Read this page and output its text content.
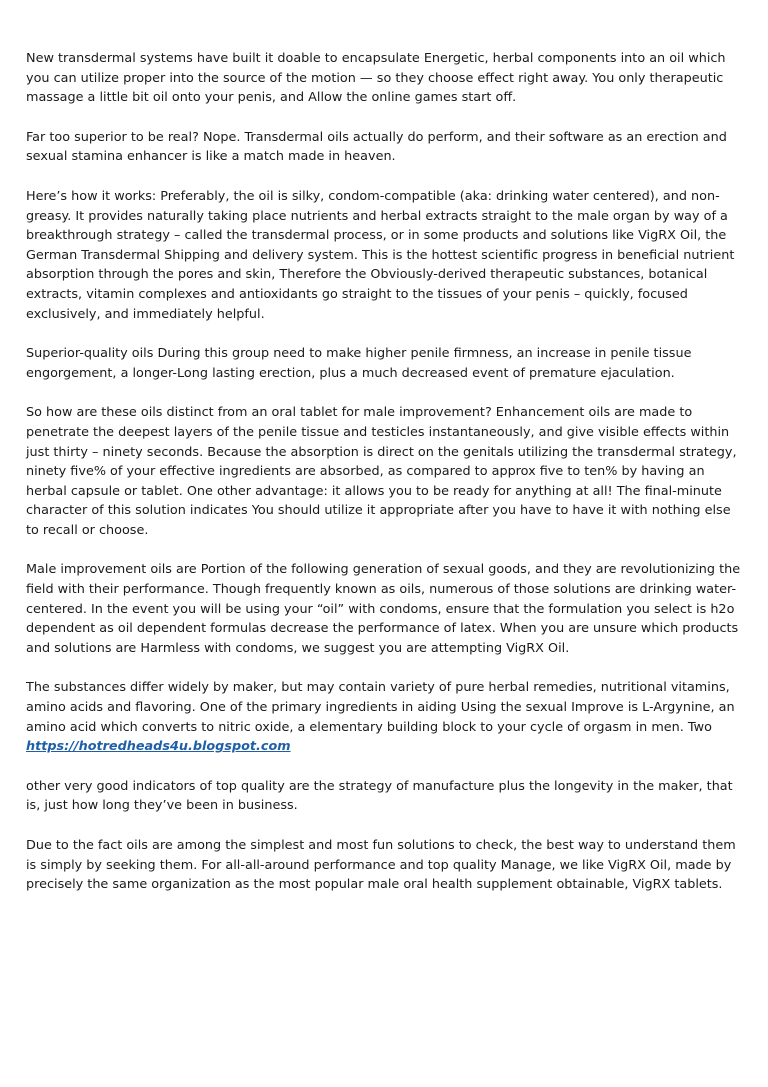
New transdermal systems have built it doable to encapsulate Energetic, herbal components into an oil which you can utilize proper into the source of the motion — so they choose effect right away. You only therapeutic massage a little bit oil onto your penis, and Allow the online games start off.

Far too superior to be real? Nope. Transdermal oils actually do perform, and their software as an erection and sexual stamina enhancer is like a match made in heaven.

Here’s how it works: Preferably, the oil is silky, condom-compatible (aka: drinking water centered), and non-greasy. It provides naturally taking place nutrients and herbal extracts straight to the male organ by way of a breakthrough strategy – called the transdermal process, or in some products and solutions like VigRX Oil, the German Transdermal Shipping and delivery system. This is the hottest scientific progress in beneficial nutrient absorption through the pores and skin, Therefore the Obviously-derived therapeutic substances, botanical extracts, vitamin complexes and antioxidants go straight to the tissues of your penis – quickly, focused exclusively, and immediately helpful.

Superior-quality oils During this group need to make higher penile firmness, an increase in penile tissue engorgement, a longer-Long lasting erection, plus a much decreased event of premature ejaculation.

So how are these oils distinct from an oral tablet for male improvement? Enhancement oils are made to penetrate the deepest layers of the penile tissue and testicles instantaneously, and give visible effects within just thirty – ninety seconds. Because the absorption is direct on the genitals utilizing the transdermal strategy, ninety five% of your effective ingredients are absorbed, as compared to approx five to ten% by having an herbal capsule or tablet. One other advantage: it allows you to be ready for anything at all! The final-minute character of this solution indicates You should utilize it appropriate after you have to have it with nothing else to recall or choose.

Male improvement oils are Portion of the following generation of sexual goods, and they are revolutionizing the field with their performance. Though frequently known as oils, numerous of those solutions are drinking water-centered. In the event you will be using your “oil” with condoms, ensure that the formulation you select is h2o dependent as oil dependent formulas decrease the performance of latex. When you are unsure which products and solutions are Harmless with condoms, we suggest you are attempting VigRX Oil.

The substances differ widely by maker, but may contain variety of pure herbal remedies, nutritional vitamins, amino acids and flavoring. One of the primary ingredients in aiding Using the sexual Improve is L-Argynine, an amino acid which converts to nitric oxide, a elementary building block to your cycle of orgasm in men. Two https://hotredheads4u.blogspot.com

other very good indicators of top quality are the strategy of manufacture plus the longevity in the maker, that is, just how long they’ve been in business.

Due to the fact oils are among the simplest and most fun solutions to check, the best way to understand them is simply by seeking them. For all-all-around performance and top quality Manage, we like VigRX Oil, made by precisely the same organization as the most popular male oral health supplement obtainable, VigRX tablets.
